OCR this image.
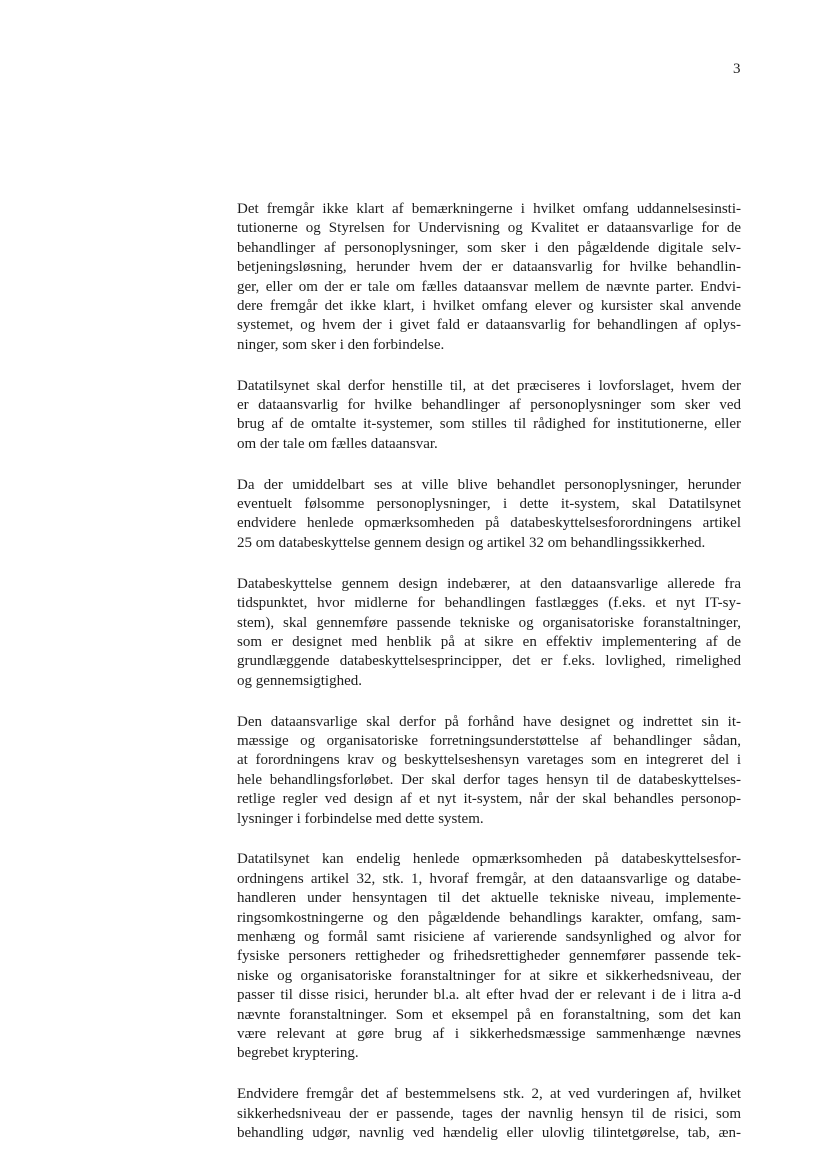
3
Det fremgår ikke klart af bemærkningerne i hvilket omfang uddannelsesinsti-
tutionerne og Styrelsen for Undervisning og Kvalitet er dataansvarlige for de
behandlinger af personoplysninger, som sker i den pågældende digitale selv-
betjeningsløsning, herunder hvem der er dataansvarlig for hvilke behandlin-
ger, eller om der er tale om fælles dataansvar mellem de nævnte parter. Endvi-
dere fremgår det ikke klart, i hvilket omfang elever og kursister skal anvende
systemet, og hvem der i givet fald er dataansvarlig for behandlingen af oplys-
ninger, som sker i den forbindelse.
Datatilsynet skal derfor henstille til, at det præciseres i lovforslaget, hvem der
er dataansvarlig for hvilke behandlinger af personoplysninger som sker ved
brug af de omtalte it-systemer, som stilles til rådighed for institutionerne, eller
om der tale om fælles dataansvar.
Da der umiddelbart ses at ville blive behandlet personoplysninger, herunder
eventuelt følsomme personoplysninger, i dette it-system, skal Datatilsynet
endvidere henlede opmærksomheden på databeskyttelsesforordningens artikel
25 om databeskyttelse gennem design og artikel 32 om behandlingssikkerhed.
Databeskyttelse gennem design indebærer, at den dataansvarlige allerede fra
tidspunktet, hvor midlerne for behandlingen fastlægges (f.eks. et nyt IT-sy-
stem), skal gennemføre passende tekniske og organisatoriske foranstaltninger,
som er designet med henblik på at sikre en effektiv implementering af de
grundlæggende databeskyttelsesprincipper, det er f.eks. lovlighed, rimelighed
og gennemsigtighed.
Den dataansvarlige skal derfor på forhånd have designet og indrettet sin it-
mæssige og organisatoriske forretningsunderstøttelse af behandlinger sådan,
at forordningens krav og beskyttelseshensyn varetages som en integreret del i
hele behandlingsforløbet. Der skal derfor tages hensyn til de databeskyttelses-
retlige regler ved design af et nyt it-system, når der skal behandles personop-
lysninger i forbindelse med dette system.
Datatilsynet kan endelig henlede opmærksomheden på databeskyttelsesfor-
ordningens artikel 32, stk. 1, hvoraf fremgår, at den dataansvarlige og databe-
handleren under hensyntagen til det aktuelle tekniske niveau, implemente-
ringsomkostningerne og den pågældende behandlings karakter, omfang, sam-
menhæng og formål samt risiciene af varierende sandsynlighed og alvor for
fysiske personers rettigheder og frihedsrettigheder gennemfører passende tek-
niske og organisatoriske foranstaltninger for at sikre et sikkerhedsniveau, der
passer til disse risici, herunder bl.a. alt efter hvad der er relevant i de i litra a-d
nævnte foranstaltninger. Som et eksempel på en foranstaltning, som det kan
være relevant at gøre brug af i sikkerhedsmæssige sammenhænge nævnes
begrebet kryptering.
Endvidere fremgår det af bestemmelsens stk. 2, at ved vurderingen af, hvilket
sikkerhedsniveau der er passende, tages der navnlig hensyn til de risici, som
behandling udgør, navnlig ved hændelig eller ulovlig tilintetgørelse, tab, æn-
